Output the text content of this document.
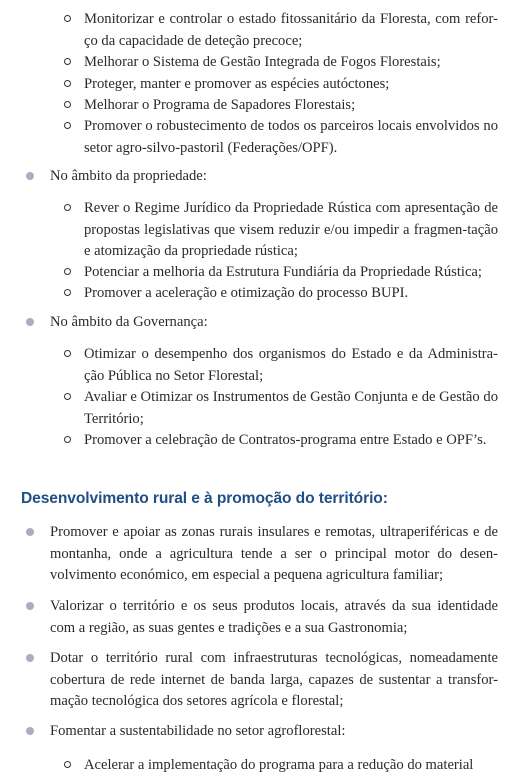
Monitorizar e controlar o estado fitossanitário da Floresta, com refor-ço da capacidade de deteção precoce;

Melhorar o Sistema de Gestão Integrada de Fogos Florestais;

Proteger, manter e promover as espécies autóctones;

Melhorar o Programa de Sapadores Florestais;

Promover o robustecimento de todos os parceiros locais envolvidos no setor agro-silvo-pastoril (Federações/OPF).

No âmbito da propriedade:

Rever o Regime Jurídico da Propriedade Rústica com apresentação de propostas legislativas que visem reduzir e/ou impedir a fragmen-tação e atomização da propriedade rústica;

Potenciar a melhoria da Estrutura Fundiária da Propriedade Rústica;

Promover a aceleração e otimização do processo BUPI.

No âmbito da Governança:

Otimizar o desempenho dos organismos do Estado e da Administra-ção Pública no Setor Florestal;

Avaliar e Otimizar os Instrumentos de Gestão Conjunta e de Gestão do Território;

Promover a celebração de Contratos-programa entre Estado e OPF’s.

Desenvolvimento rural e à promoção do território:

Promover e apoiar as zonas rurais insulares e remotas, ultraperiféricas e de montanha, onde a agricultura tende a ser o principal motor do desen-volvimento económico, em especial a pequena agricultura familiar;

Valorizar o território e os seus produtos locais, através da sua identidade com a região, as suas gentes e tradições e a sua Gastronomia;

Dotar o território rural com infraestruturas tecnológicas, nomeadamente cobertura de rede internet de banda larga, capazes de sustentar a transfor-mação tecnológica dos setores agrícola e florestal;

Fomentar a sustentabilidade no setor agroflorestal:

Acelerar a implementação do programa para a redução do material
